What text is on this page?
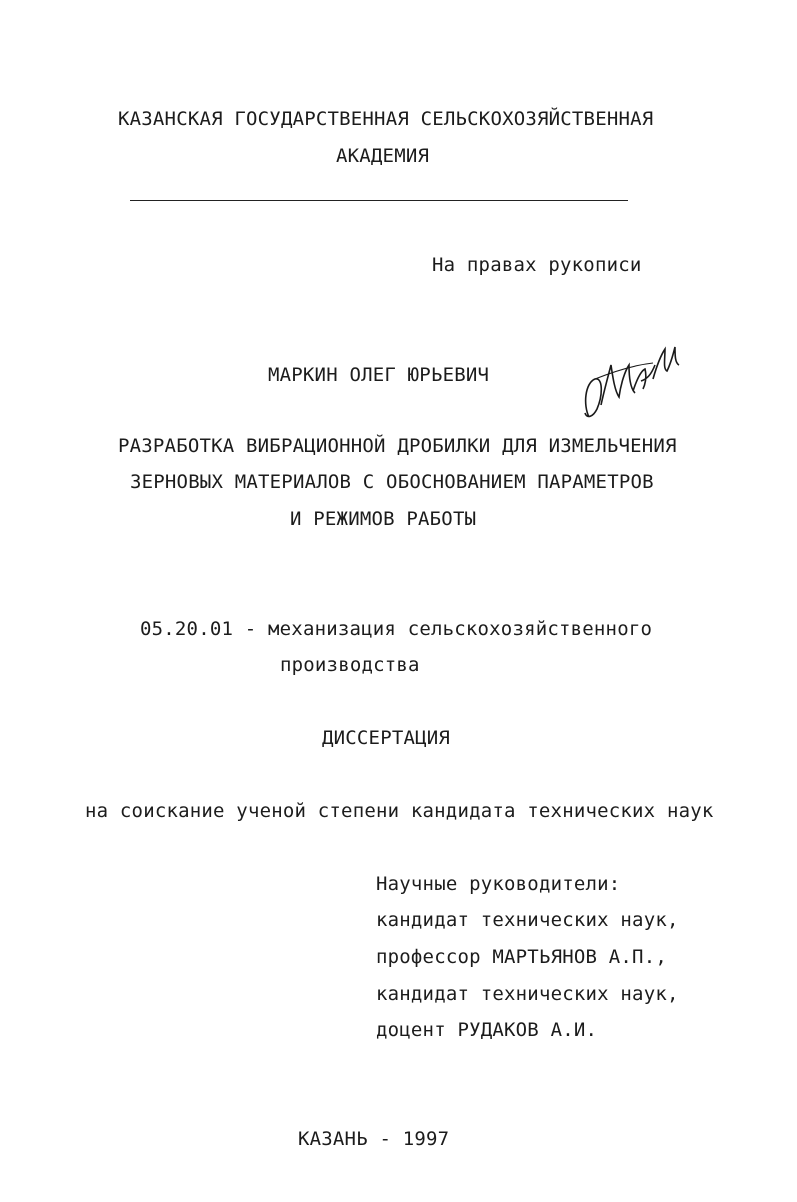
КАЗАНСКАЯ ГОСУДАРСТВЕННАЯ СЕЛЬСКОХОЗЯЙСТВЕННАЯ
АКАДЕМИЯ
На правах рукописи
МАРКИН ОЛЕГ ЮРЬЕВИЧ
РАЗРАБОТКА ВИБРАЦИОННОЙ ДРОБИЛКИ ДЛЯ ИЗМЕЛЬЧЕНИЯ
ЗЕРНОВЫХ МАТЕРИАЛОВ С ОБОСНОВАНИЕМ ПАРАМЕТРОВ
И РЕЖИМОВ РАБОТЫ
05.20.01 - механизация сельскохозяйственного
производства
ДИССЕРТАЦИЯ
на соискание ученой степени кандидата технических наук
Научные руководители:
кандидат технических наук,
профессор МАРТЬЯНОВ А.П.,
кандидат технических наук,
доцент РУДАКОВ А.И.
КАЗАНЬ - 1997
